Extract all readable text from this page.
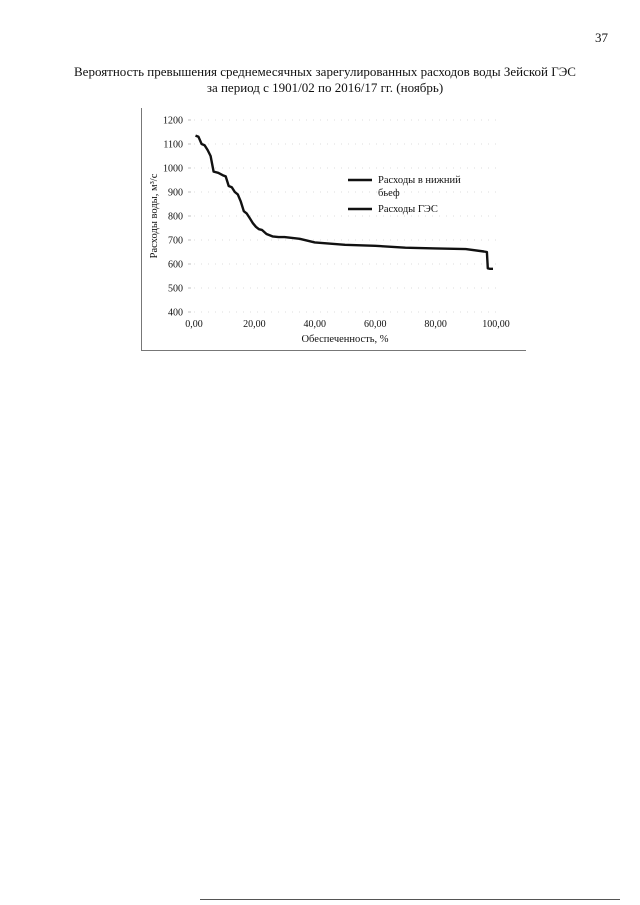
37
Вероятность превышения среднемесячных зарегулированных расходов воды Зейской ГЭС
за период с 1901/02 по 2016/17 гг. (ноябрь)
400
500
600
700
800
900
1000
1100
1200
0,00	20,00	40,00	60,00	80,00	100,00
Обеспеченность, %
Расходы воды, м³/с	Расходы в нижний
бьеф
Расходы ГЭС
